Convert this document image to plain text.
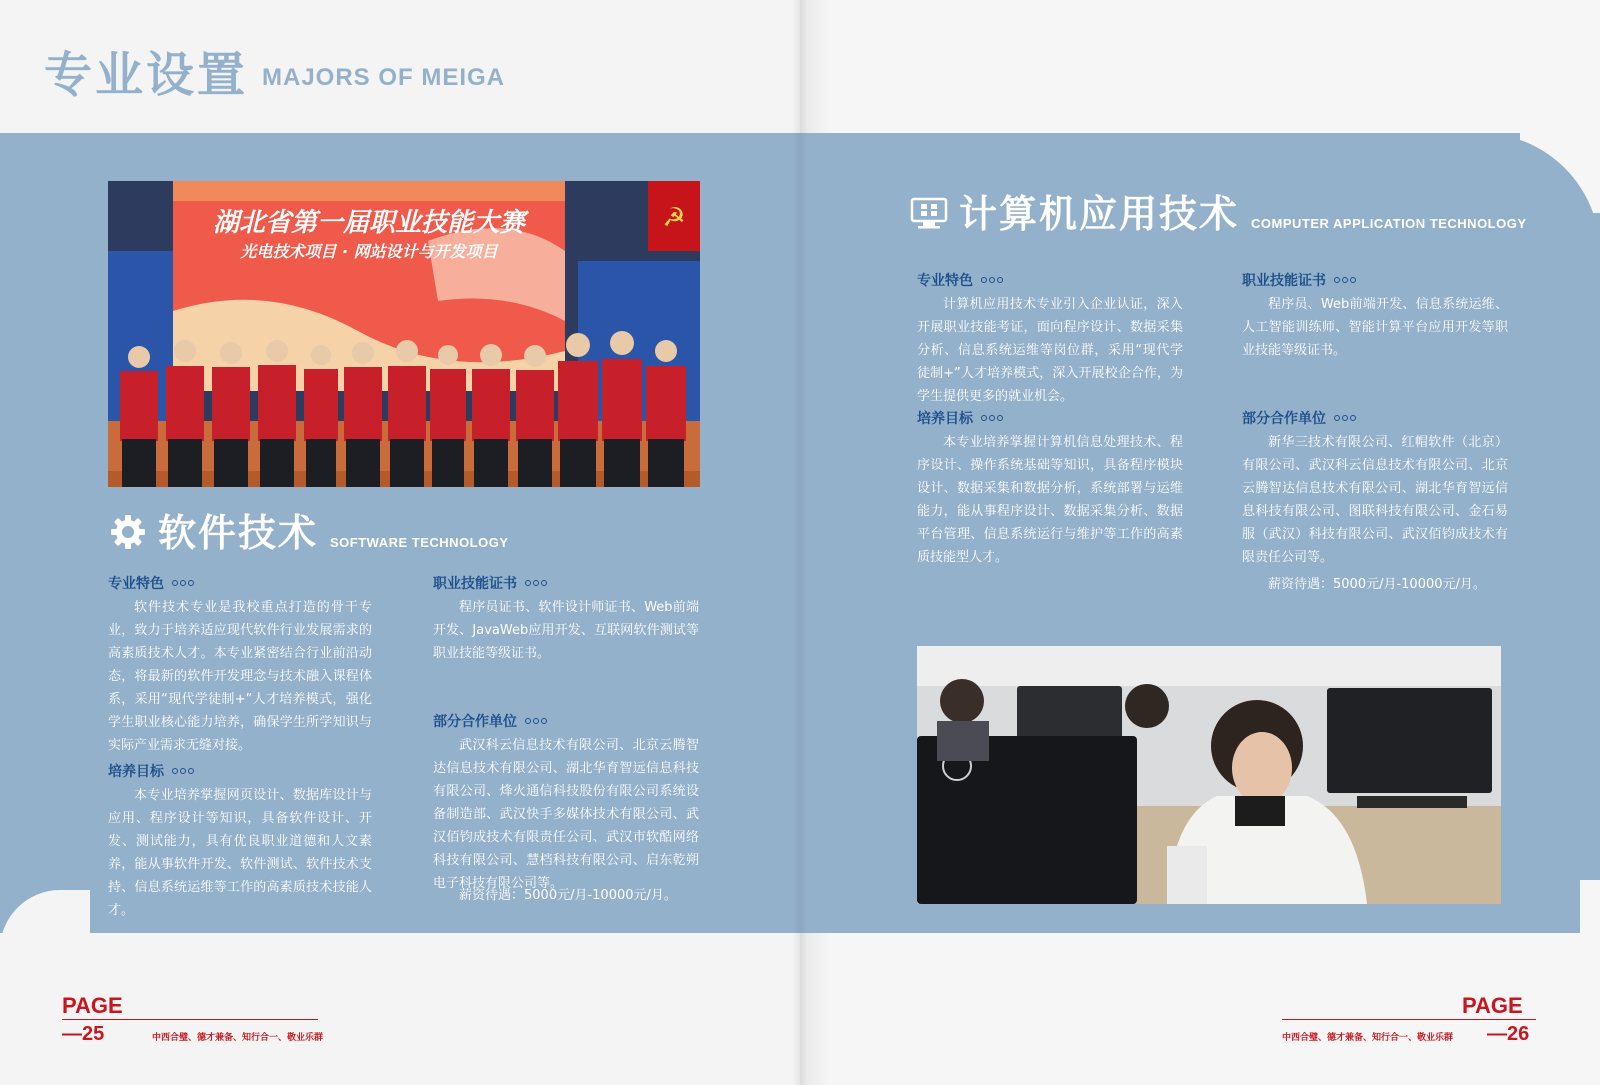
专业设置 MAJORS OF MEIGA
☭
湖北省第一届职业技能大赛
光电技术项目 · 网站设计与开发项目
软件技术 SOFTWARE TECHNOLOGY
专业特色

软件技术专业是我校重点打造的骨干专业，致力于培养适应现代软件行业发展需求的高素质技术人才。本专业紧密结合行业前沿动态，将最新的软件开发理念与技术融入课程体系，采用“现代学徒制+”人才培养模式，强化学生职业核心能力培养，确保学生所学知识与实际产业需求无缝对接。

培养目标

本专业培养掌握网页设计、数据库设计与应用、程序设计等知识，具备软件设计、开发、测试能力，具有优良职业道德和人文素养，能从事软件开发、软件测试、软件技术支持、信息系统运维等工作的高素质技术技能人才。

职业技能证书

程序员证书、软件设计师证书、Web前端开发、JavaWeb应用开发、互联网软件测试等职业技能等级证书。

部分合作单位

武汉科云信息技术有限公司、北京云腾智达信息技术有限公司、湖北华育智远信息科技有限公司、烽火通信科技股份有限公司系统设备制造部、武汉快手多媒体技术有限公司、武汉佰钧成技术有限责任公司、武汉市软酷网络科技有限公司、慧档科技有限公司、启东乾朔电子科技有限公司等。

薪资待遇：5000元/月-10000元/月。

计算机应用技术 COMPUTER APPLICATION TECHNOLOGY
专业特色

计算机应用技术专业引入企业认证，深入开展职业技能考证，面向程序设计、数据采集分析、信息系统运维等岗位群，采用“现代学徒制+”人才培养模式，深入开展校企合作，为学生提供更多的就业机会。

培养目标

本专业培养掌握计算机信息处理技术、程序设计、操作系统基础等知识，具备程序模块设计、数据采集和数据分析，系统部署与运维能力，能从事程序设计、数据采集分析、数据平台管理、信息系统运行与维护等工作的高素质技能型人才。

职业技能证书

程序员、Web前端开发、信息系统运维、人工智能训练师、智能计算平台应用开发等职业技能等级证书。

部分合作单位

新华三技术有限公司、红帽软件（北京）有限公司、武汉科云信息技术有限公司、北京云腾智达信息技术有限公司、湖北华育智远信息科技有限公司、图联科技有限公司、金石易服（武汉）科技有限公司、武汉佰钧成技术有限责任公司等。

薪资待遇：5000元/月-10000元/月。

PAGE
—25	中西合璧、德才兼备、知行合一、敬业乐群
PAGE
—26
中西合璧、德才兼备、知行合一、敬业乐群
